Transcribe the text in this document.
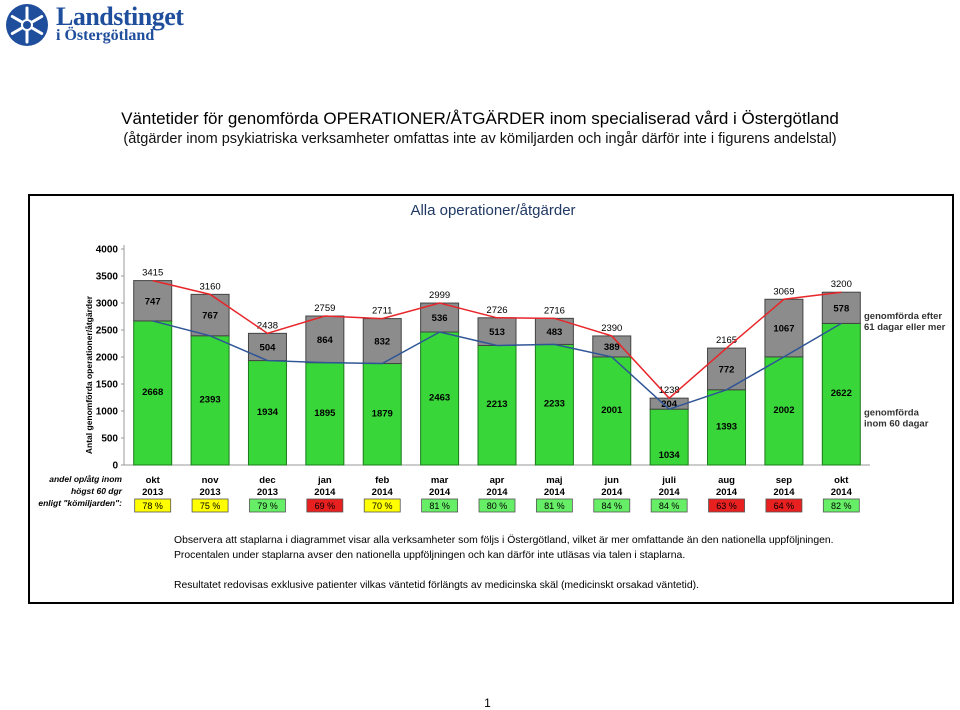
Landstinget
i Östergötland
Väntetider för genomförda OPERATIONER/ÅTGÄRDER inom specialiserad vård i Östergötland
(åtgärder inom psykiatriska verksamheter omfattas inte av kömiljarden och ingår därför inte i figurens andelstal)
Alla operationer/åtgärder
0
500
1000
1500
2000
2500
3000
3500
4000
Antal genomförda operationer/åtgärder	2668
747
3415
2393
767
3160
1934
504
2438
1895
864
2759
1879
832
2711
2463
536
2999
2213
513
2726
2233
483
2716
2001
389
2390
1034
204
1238
1393
772
2165
2002
1067
3069
2622
578
3200
okt
2013
nov
2013
dec
2013
jan
2014
feb
2014
mar
2014
apr
2014
maj
2014
jun
2014
juli
2014
aug
2014
sep
2014
okt
2014
andel op/åtg inom
högst 60 dgr
enligt "kömiljarden": 78 %	75 %	79 %	69 %	70 %	81 %	80 %	81 %	84 %	84 %	63 %	64 %	82 %
genomförda efter
61 dagar eller mer
genomförda
inom 60 dagar
Observera att staplarna i diagrammet visar alla verksamheter som följs i Östergötland, vilket är mer omfattande än den nationella uppföljningen.
Procentalen under staplarna avser den nationella uppföljningen och kan därför inte utläsas via talen i staplarna.
Resultatet redovisas exklusive patienter vilkas väntetid förlängts av medicinska skäl (medicinskt orsakad väntetid).
1
